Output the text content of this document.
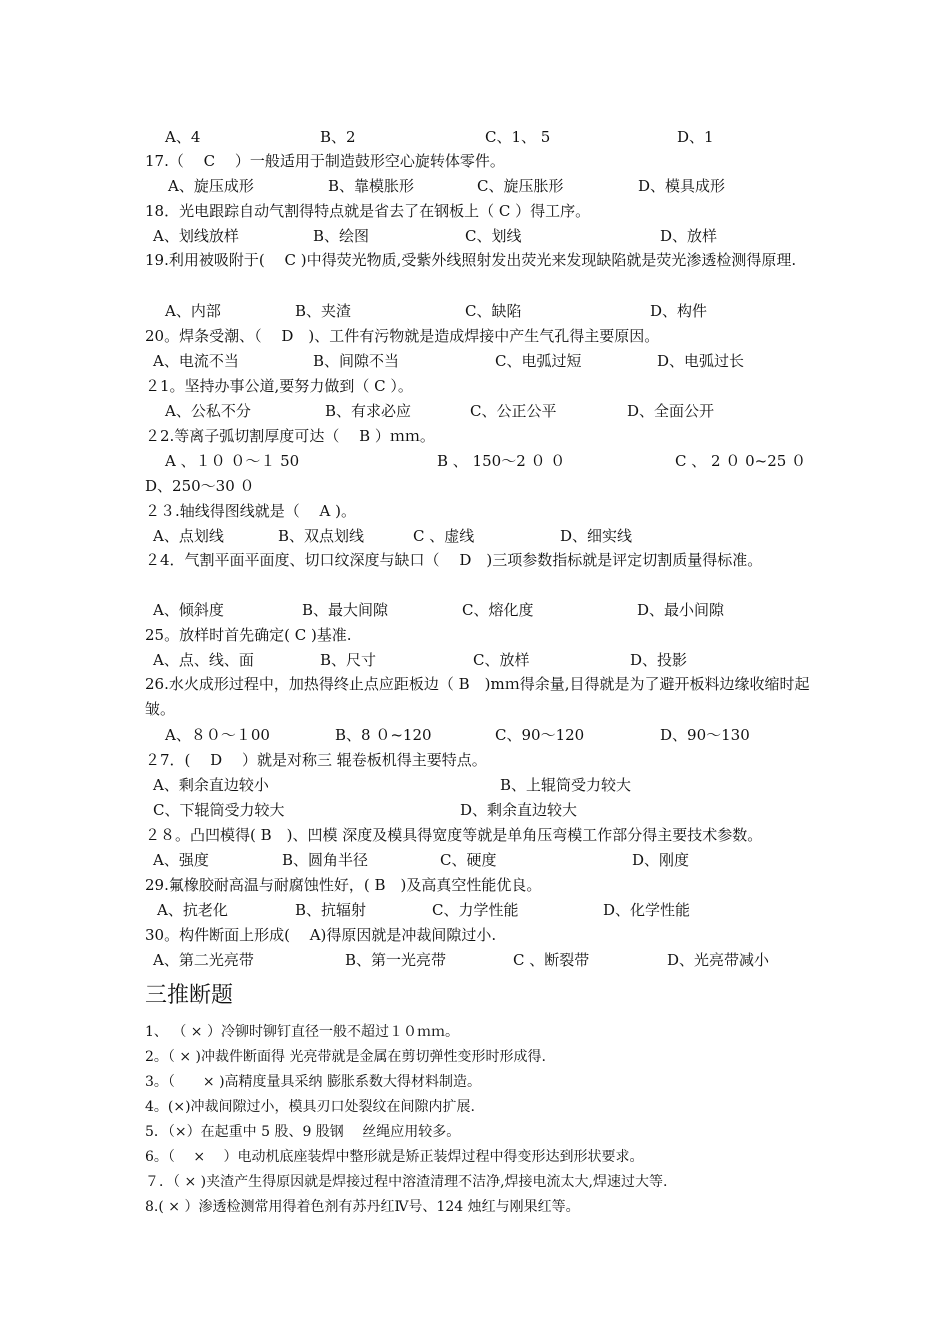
A、4	B、2	C、1、 5	D、1
17.（　 C　 ）一般适用于制造鼓形空心旋转体零件。
A、旋压成形	B、靠模胀形	C、旋压胀形	D、模具成形
18．光电跟踪自动气割得特点就是省去了在钢板上（ C ）得工序。
A、划线放样	B、绘图	C、划线	D、放样
19.利用被吸附于(　 C )中得荧光物质,受紫外线照射发出荧光来发现缺陷就是荧光渗透检测得原理.
A、内部	B、夹渣	C、缺陷	D、构件
20。焊条受潮、（　 D　)、工件有污物就是造成焊接中产生气孔得主要原因。
A、电流不当	B、间隙不当	C、电弧过短	D、电弧过长
２1。坚持办事公道,要努力做到（ C ）。
A、公私不分	B、有求必应	C、公正公平	D、全面公开
２2.等离子弧切割厚度可达（　 B ）ｍｍ。
A 、１０ ０～１ 50	B 、 150～2 ０ ０	C 、 2 ０ 0~25 ０
D、250～30 ０
２３.轴线得图线就是（　 A )。
A、点划线	B、双点划线	C 、虚线	D、细实线
２4．气割平面平面度、切口纹深度与缺口（　 D　)三项参数指标就是评定切割质量得标准。
A、倾斜度	B、最大间隙	C、熔化度	D、最小间隙
25。放样时首先确定( C )基准.
A、点、线、面	B、尺寸	C、放样	D、投影
26.水火成形过程中，加热得终止点应距板边（ B　)mｍ得余量,目得就是为了避开板料边缘收缩时起皱。
A、８０～１00	B、8 ０~120	C、90～120	D、90～130
２7．(　 D　 ）就是对称三 辊卷板机得主要特点。
A、剩余直边较小	B、上辊筒受力较大
C、下辊筒受力较大	D、剩余直边较大
２８。凸凹模得( B　)、凹模 深度及模具得宽度等就是单角压弯模工作部分得主要技术参数。
A、强度	B、圆角半径	C、硬度	D、刚度
29.氟橡胶耐高温与耐腐蚀性好，( B　)及高真空性能优良。
A、抗老化	B、抗辐射	C、力学性能	D、化学性能
30。构件断面上形成(　 A)得原因就是冲裁间隙过小.
A、第二光亮带	B、第一光亮带	C 、断裂带	D、光亮带减小
三推断题
1、 （ × ）冷铆时铆钉直径一般不超过１０ｍｍ。
2。（ × )冲裁件断面得 光亮带就是金属在剪切弹性变形时形成得.
3。（　　× )高精度量具采纳 膨胀系数大得材料制造。
4。(×)冲裁间隙过小，模具刃口处裂纹在间隙内扩展.
5．（×）在起重中 5 股、9 股钢　 丝绳应用较多。
6。（　 ×　 ）电动机底座装焊中整形就是矫正装焊过程中得变形达到形状要求。
７．（ × )夹渣产生得原因就是焊接过程中溶渣清理不洁净,焊接电流太大,焊速过大等.
8.( × ）渗透检测常用得着色剂有苏丹红Ⅳ号、124 烛红与刚果红等。
